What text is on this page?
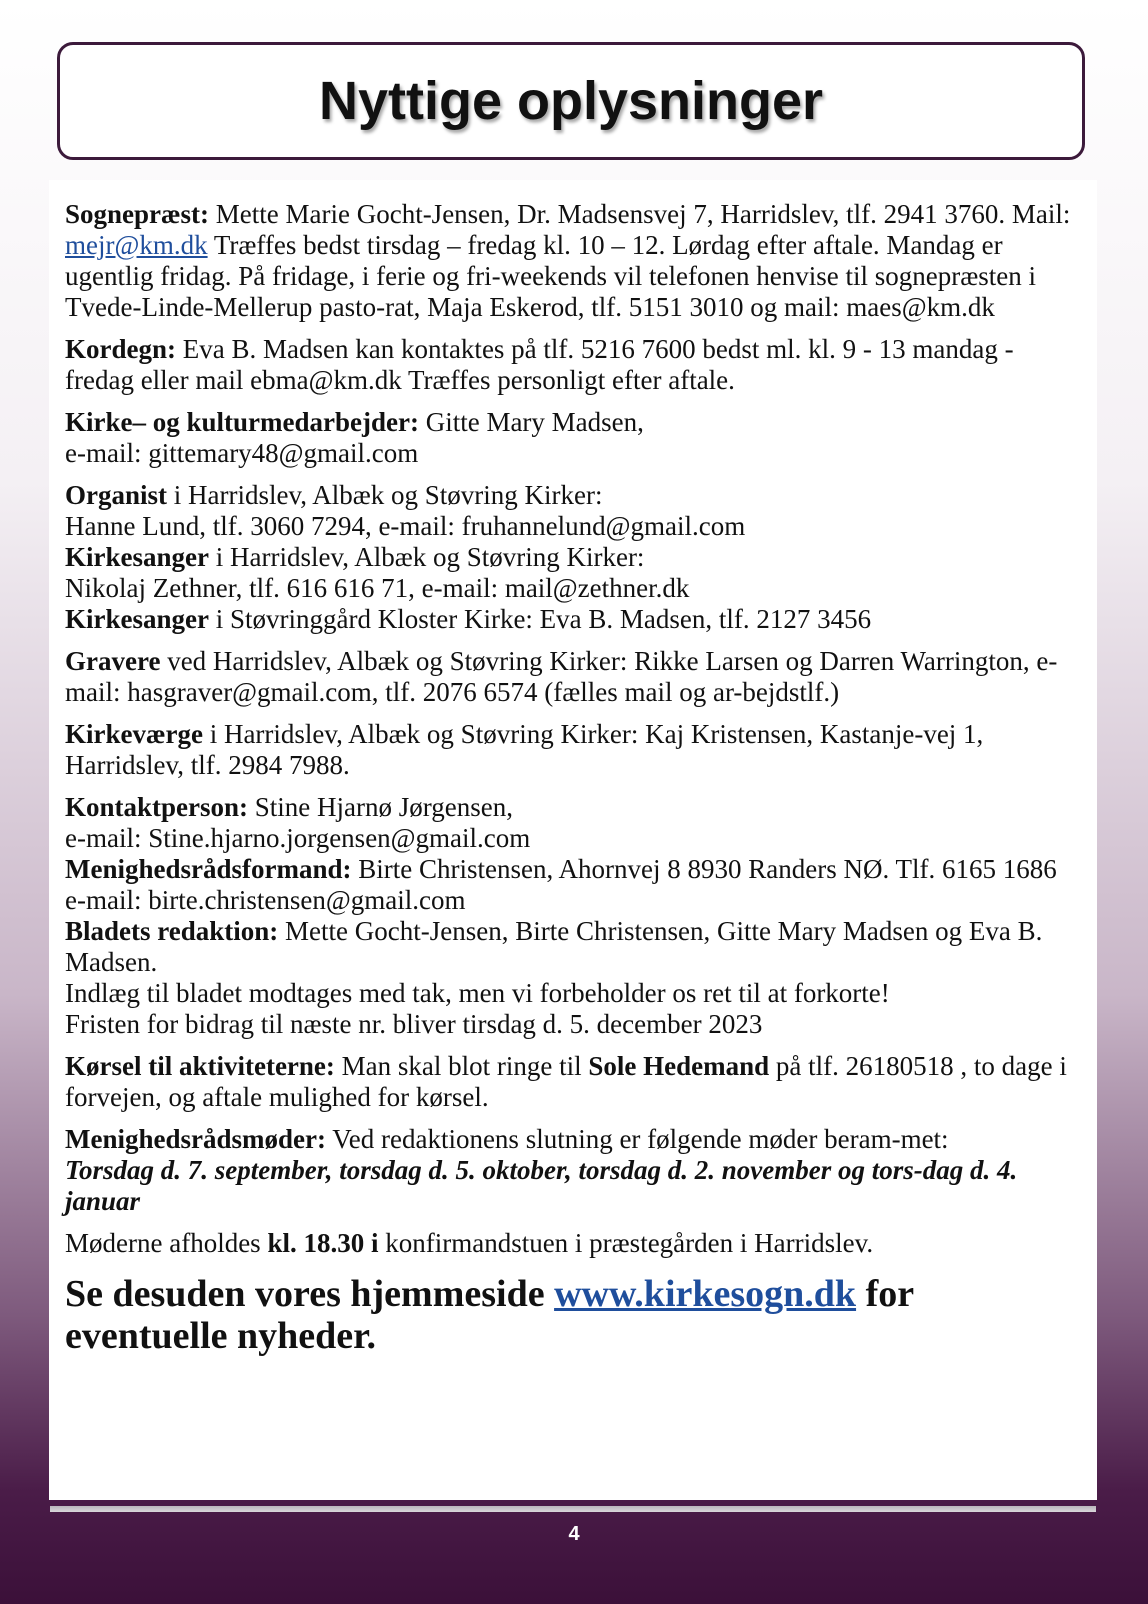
Nyttige oplysninger

Sognepræst: Mette Marie Gocht-Jensen, Dr. Madsensvej 7, Harridslev, tlf. 2941 3760. Mail: mejr@km.dk Træffes bedst tirsdag – fredag kl. 10 – 12. Lørdag efter aftale. Mandag er ugentlig fridag. På fridage, i ferie og fri-weekends vil telefonen henvise til sognepræsten i Tvede-Linde-Mellerup pasto-rat, Maja Eskerod, tlf. 5151 3010 og mail: maes@km.dk

Kordegn: Eva B. Madsen kan kontaktes på tlf. 5216 7600 bedst ml. kl. 9 - 13 mandag - fredag eller mail ebma@km.dk Træffes personligt efter aftale.

Kirke– og kulturmedarbejder: Gitte Mary Madsen,
e-mail: gittemary48@gmail.com

Organist i Harridslev, Albæk og Støvring Kirker:
Hanne Lund, tlf. 3060 7294, e-mail: fruhannelund@gmail.com
Kirkesanger i Harridslev, Albæk og Støvring Kirker:
Nikolaj Zethner, tlf. 616 616 71, e-mail: mail@zethner.dk
Kirkesanger i Støvringgård Kloster Kirke: Eva B. Madsen, tlf. 2127 3456

Gravere ved Harridslev, Albæk og Støvring Kirker: Rikke Larsen og Darren Warrington, e-mail: hasgraver@gmail.com, tlf. 2076 6574 (fælles mail og ar-bejdstlf.)

Kirkeværge i Harridslev, Albæk og Støvring Kirker: Kaj Kristensen, Kastanje-vej 1, Harridslev, tlf. 2984 7988.

Kontaktperson: Stine Hjarnø Jørgensen,
e-mail: Stine.hjarno.jorgensen@gmail.com
Menighedsrådsformand: Birte Christensen, Ahornvej 8 8930 Randers NØ. Tlf. 6165 1686 e-mail: birte.christensen@gmail.com
Bladets redaktion: Mette Gocht-Jensen, Birte Christensen, Gitte Mary Madsen og Eva B. Madsen.
Indlæg til bladet modtages med tak, men vi forbeholder os ret til at forkorte!
Fristen for bidrag til næste nr. bliver tirsdag d. 5. december 2023

Kørsel til aktiviteterne: Man skal blot ringe til Sole Hedemand på tlf. 26180518 , to dage i forvejen, og aftale mulighed for kørsel.

Menighedsrådsmøder: Ved redaktionens slutning er følgende møder beram-met:
Torsdag d. 7. september, torsdag d. 5. oktober, torsdag d. 2. november og tors-dag d. 4. januar

Møderne afholdes kl. 18.30 i konfirmandstuen i præstegården i Harridslev.

Se desuden vores hjemmeside www.kirkesogn.dk for eventuelle nyheder.

4
